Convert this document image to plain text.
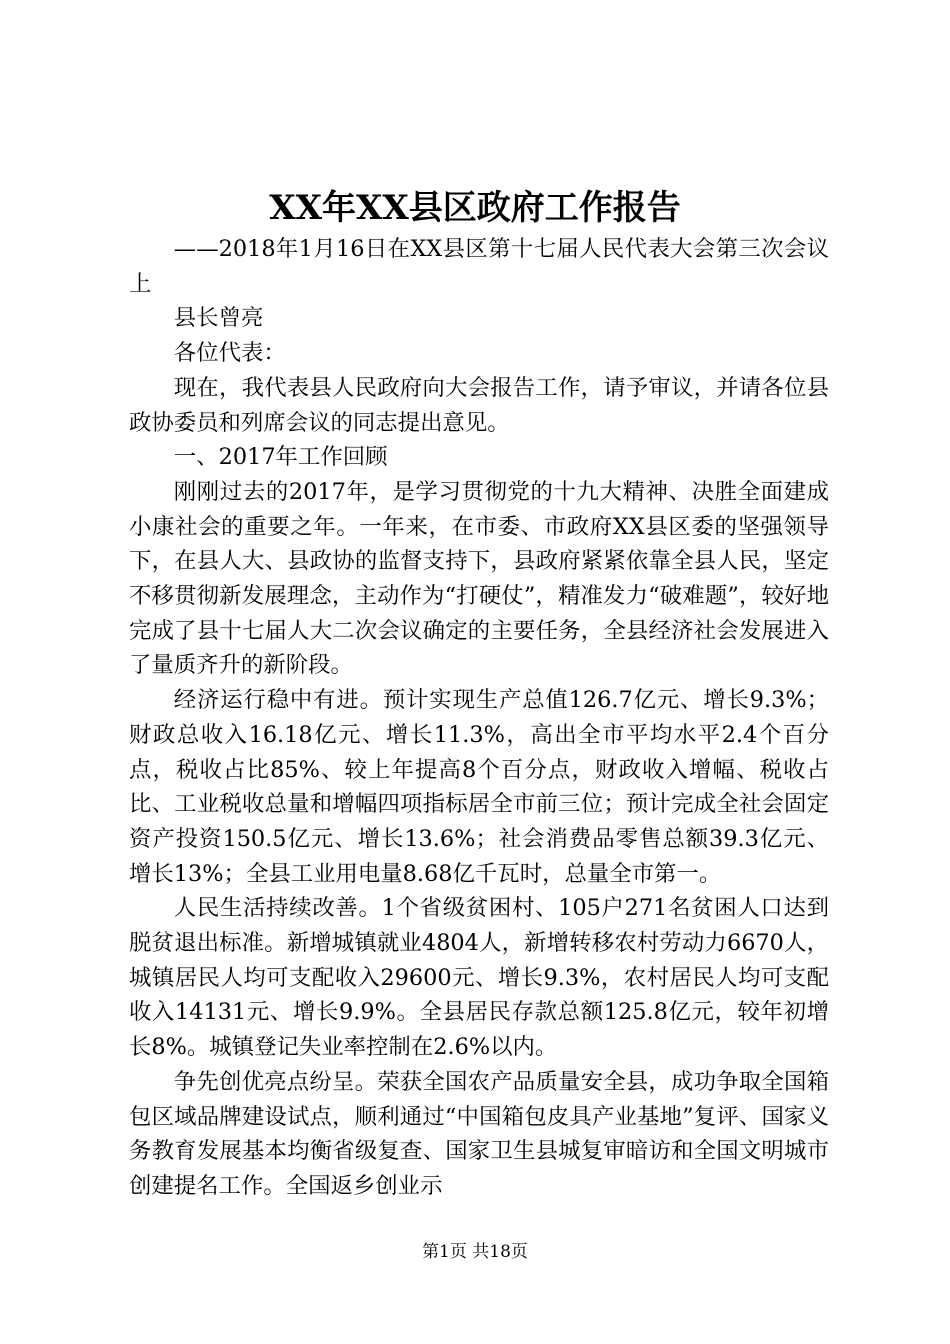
XX年XX县区政府工作报告

——2018年1月16日在XX县区第十七届人民代表大会第三次会议上

县长曾亮

各位代表：

现在，我代表县人民政府向大会报告工作，请予审议，并请各位县政协委员和列席会议的同志提出意见。

一、2017年工作回顾

刚刚过去的2017年，是学习贯彻党的十九大精神、决胜全面建成小康社会的重要之年。一年来，在市委、市政府XX县区委的坚强领导下，在县人大、县政协的监督支持下，县政府紧紧依靠全县人民，坚定不移贯彻新发展理念，主动作为“打硬仗”，精准发力“破难题”，较好地完成了县十七届人大二次会议确定的主要任务，全县经济社会发展进入了量质齐升的新阶段。

经济运行稳中有进。预计实现生产总值126.7亿元、增长9.3%；财政总收入16.18亿元、增长11.3%，高出全市平均水平2.4个百分点，税收占比85%、较上年提高8个百分点，财政收入增幅、税收占比、工业税收总量和增幅四项指标居全市前三位；预计完成全社会固定资产投资150.5亿元、增长13.6%；社会消费品零售总额39.3亿元、增长13%；全县工业用电量8.68亿千瓦时，总量全市第一。

人民生活持续改善。1个省级贫困村、105户271名贫困人口达到脱贫退出标准。新增城镇就业4804人，新增转移农村劳动力6670人，城镇居民人均可支配收入29600元、增长9.3%，农村居民人均可支配收入14131元、增长9.9%。全县居民存款总额125.8亿元，较年初增长8%。城镇登记失业率控制在2.6%以内。

争先创优亮点纷呈。荣获全国农产品质量安全县，成功争取全国箱包区域品牌建设试点，顺利通过“中国箱包皮具产业基地”复评、国家义务教育发展基本均衡省级复查、国家卫生县城复审暗访和全国文明城市创建提名工作。全国返乡创业示

第1页 共18页
